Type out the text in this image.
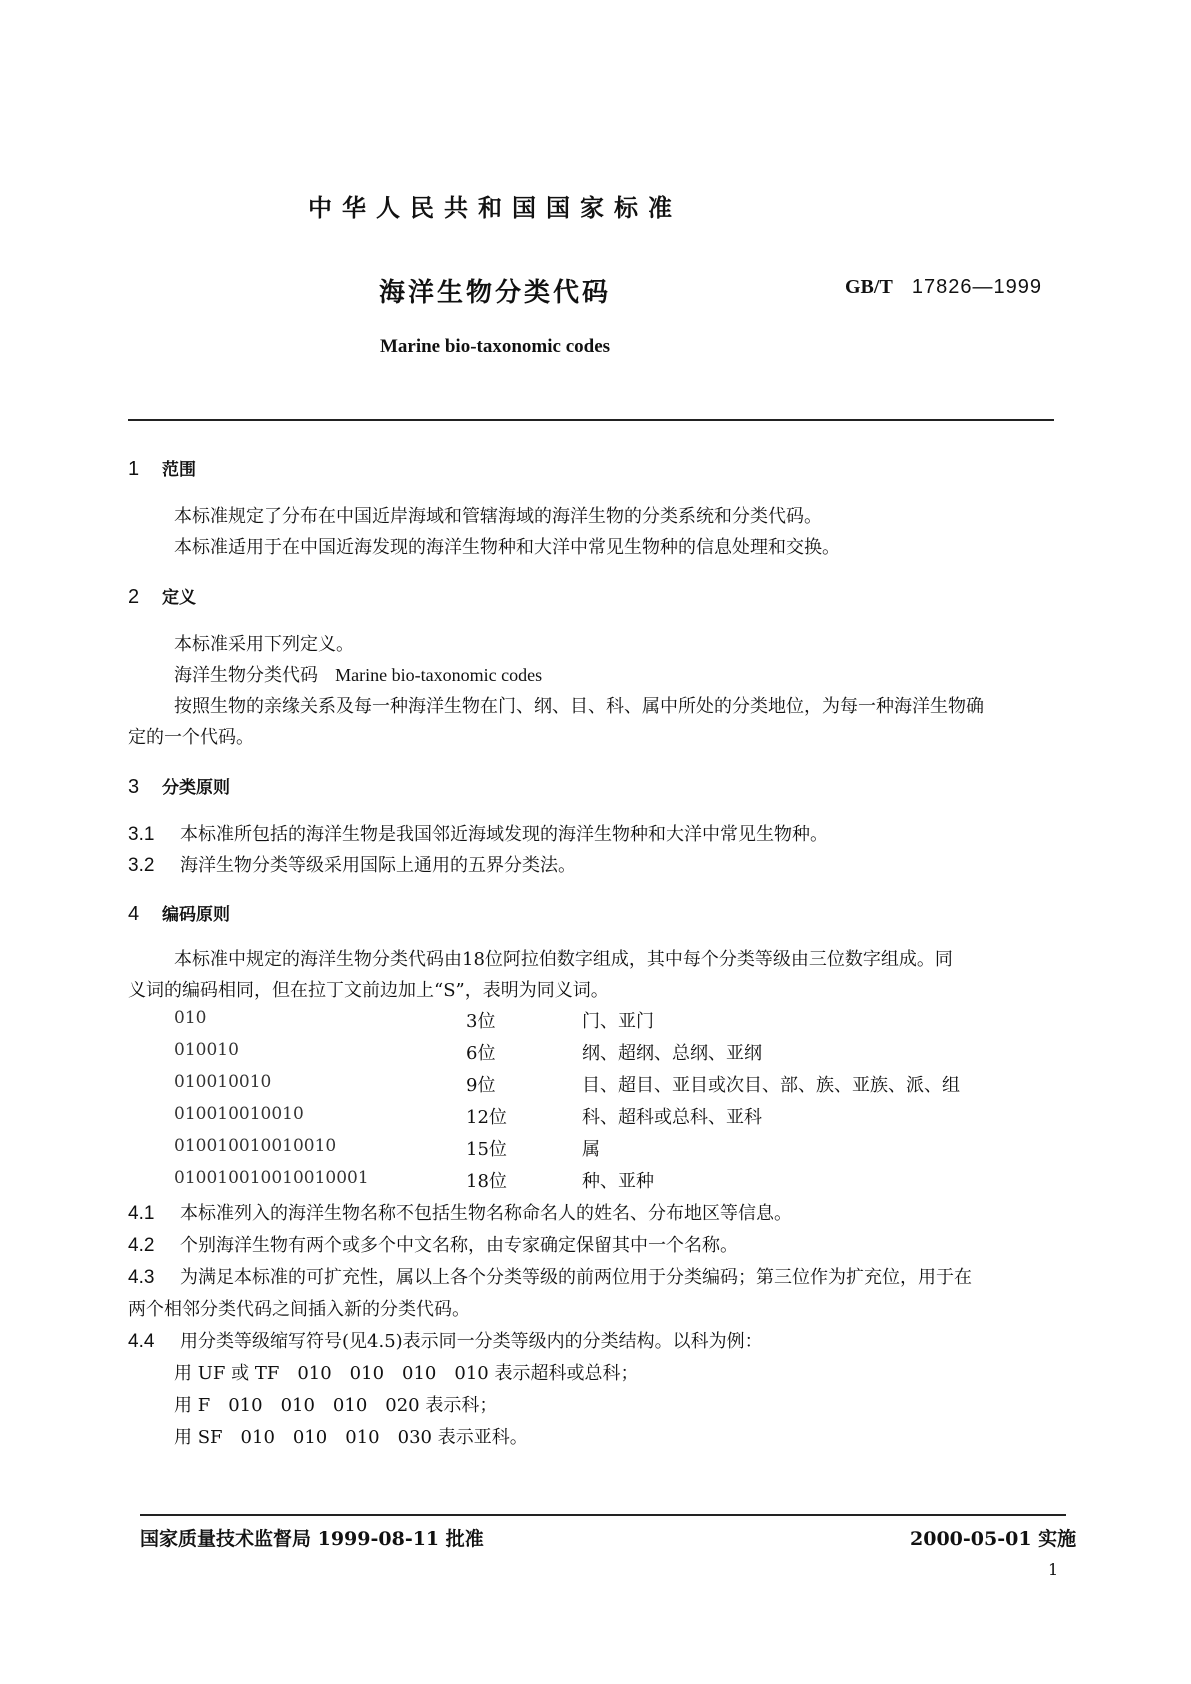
中华人民共和国国家标准
海洋生物分类代码	GB/T 17826—1999
Marine bio-taxonomic codes
1 范围
本标准规定了分布在中国近岸海域和管辖海域的海洋生物的分类系统和分类代码。
本标准适用于在中国近海发现的海洋生物种和大洋中常见生物种的信息处理和交换。
2 定义
本标准采用下列定义。
海洋生物分类代码 Marine bio-taxonomic codes
按照生物的亲缘关系及每一种海洋生物在门、纲、目、科、属中所处的分类地位，为每一种海洋生物确
定的一个代码。
3 分类原则
3.1 本标准所包括的海洋生物是我国邻近海域发现的海洋生物种和大洋中常见生物种。
3.2 海洋生物分类等级采用国际上通用的五界分类法。
4 编码原则
本标准中规定的海洋生物分类代码由18位阿拉伯数字组成，其中每个分类等级由三位数字组成。同
义词的编码相同，但在拉丁文前边加上“S”，表明为同义词。
010	3位	门、亚门
010010	6位	纲、超纲、总纲、亚纲
010010010	9位	目、超目、亚目或次目、部、族、亚族、派、组
010010010010	12位	科、超科或总科、亚科
010010010010010	15位	属
010010010010010001	18位	种、亚种
4.1 本标准列入的海洋生物名称不包括生物名称命名人的姓名、分布地区等信息。
4.2 个别海洋生物有两个或多个中文名称，由专家确定保留其中一个名称。
4.3 为满足本标准的可扩充性，属以上各个分类等级的前两位用于分类编码；第三位作为扩充位，用于在
两个相邻分类代码之间插入新的分类代码。
4.4 用分类等级缩写符号(见4.5)表示同一分类等级内的分类结构。以科为例：
用 UF 或 TF　010　010　010　010 表示超科或总科；
用 F　010　010　010　020 表示科；
用 SF　010　010　010　030 表示亚科。
国家质量技术监督局 1999-08-11 批准	2000-05-01 实施
1
